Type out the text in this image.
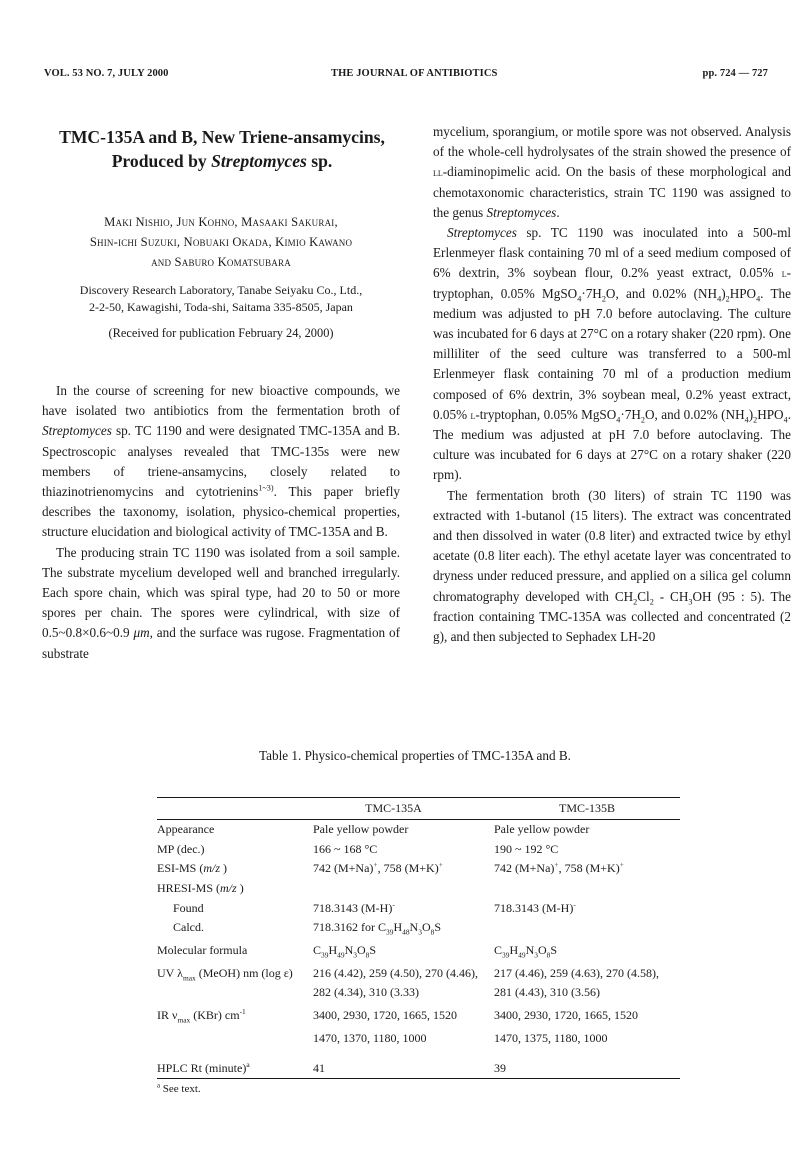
VOL. 53 NO. 7, JULY 2000	THE JOURNAL OF ANTIBIOTICS	pp. 724 — 727
TMC-135A and B, New Triene-ansamycins,
Produced by Streptomyces sp.
Maki Nishio, Jun Kohno, Masaaki Sakurai,
Shin-ichi Suzuki, Nobuaki Okada, Kimio Kawano
and Saburo Komatsubara
Discovery Research Laboratory, Tanabe Seiyaku Co., Ltd.,
2-2-50, Kawagishi, Toda-shi, Saitama 335-8505, Japan
(Received for publication February 24, 2000)

In the course of screening for new bioactive compounds, we have isolated two antibiotics from the fermentation broth of Streptomyces sp. TC 1190 and were designated TMC-135A and B. Spectroscopic analyses revealed that TMC-135s were new members of triene-ansamycins, closely related to thiazinotrienomycins and cytotrienins$^{1\sim 3)}$. This paper briefly describes the taxonomy, isolation, physico-chemical properties, structure elucidation and biological activity of TMC-135A and B.

The producing strain TC 1190 was isolated from a soil sample. The substrate mycelium developed well and branched irregularly. Each spore chain, which was spiral type, had 20 to 50 or more spores per chain. The spores were cylindrical, with size of 0.5~0.8×0.6~0.9 μm, and the surface was rugose. Fragmentation of substrate

mycelium, sporangium, or motile spore was not observed. Analysis of the whole-cell hydrolysates of the strain showed the presence of ll-diaminopimelic acid. On the basis of these morphological and chemotaxonomic characteristics, strain TC 1190 was assigned to the genus Streptomyces.

Streptomyces sp. TC 1190 was inoculated into a 500-ml Erlenmeyer flask containing 70 ml of a seed medium composed of 6% dextrin, 3% soybean flour, 0.2% yeast extract, 0.05% l-tryptophan, 0.05% $MgSO_4\cdot 7H_2O$, and 0.02% $(NH_4)_2HPO_4$. The medium was adjusted to pH 7.0 before autoclaving. The culture was incubated for 6 days at 27°C on a rotary shaker (220 rpm). One milliliter of the seed culture was transferred to a 500-ml Erlenmeyer flask containing 70 ml of a production medium composed of 6% dextrin, 3% soybean meal, 0.2% yeast extract, 0.05% l-tryptophan, 0.05% $MgSO_4\cdot 7H_2O$, and 0.02% $(NH_4)_2HPO_4$. The medium was adjusted at pH 7.0 before autoclaving. The culture was incubated for 6 days at 27°C on a rotary shaker (220 rpm).

The fermentation broth (30 liters) of strain TC 1190 was extracted with 1-butanol (15 liters). The extract was concentrated and then dissolved in water (0.8 liter) and extracted twice by ethyl acetate (0.8 liter each). The ethyl acetate layer was concentrated to dryness under reduced pressure, and applied on a silica gel column chromatography developed with $CH_2Cl_2 - CH_3OH$ (95 : 5). The fraction containing TMC-135A was collected and concentrated (2 g), and then subjected to Sephadex LH-20

Table 1. Physico-chemical properties of TMC-135A and B.
	TMC-135A	TMC-135B
Appearance	Pale yellow powder	Pale yellow powder
MP (dec.)	166 ~ 168 °C	190 ~ 192 °C
ESI-MS (m/z )	742 (M+Na)+, 758 (M+K)+	742 (M+Na)+, 758 (M+K)+
HRESI-MS (m/z )		
Found	718.3143 (M-H)-	718.3143 (M-H)-
Calcd.	718.3162 for $C_{39}H_{48}N_3O_8S$	
Molecular formula	$C_{39}H_{49}N_3O_8S$	$C_{39}H_{49}N_3O_8S$
UV $\lambda_{max}$ (MeOH) nm (log ε)	216 (4.42), 259 (4.50), 270 (4.46),	217 (4.46), 259 (4.63), 270 (4.58),
	282 (4.34), 310 (3.33)	281 (4.43), 310 (3.56)
IR $\nu_{max}$ (KBr) $cm^{-1}$	3400, 2930, 1720, 1665, 1520	3400, 2930, 1720, 1665, 1520
	1470, 1370, 1180, 1000	1470, 1375, 1180, 1000
HPLC Rt (minute)$^a$	41	39
$^a$ See text.
